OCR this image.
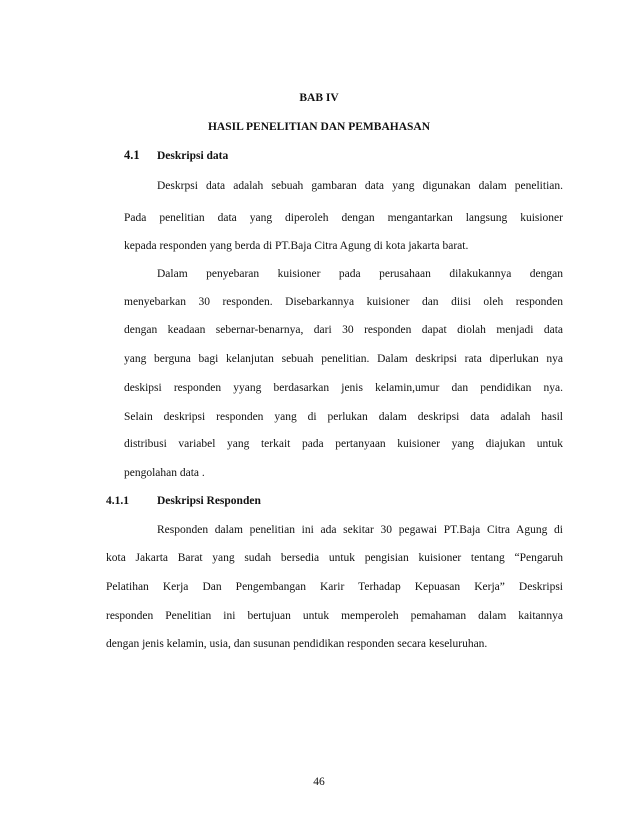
BAB IV
HASIL PENELITIAN DAN PEMBAHASAN
4.1 Deskripsi data
Deskrpsi data adalah sebuah gambaran data yang digunakan dalam penelitian.
Pada penelitian data yang diperoleh dengan mengantarkan langsung kuisioner
kepada responden yang berda di PT.Baja Citra Agung di kota jakarta barat.
Dalam penyebaran kuisioner pada perusahaan dilakukannya dengan
menyebarkan 30 responden. Disebarkannya kuisioner dan diisi oleh responden
dengan keadaan sebernar-benarnya, dari 30 responden dapat diolah menjadi data
yang berguna bagi kelanjutan sebuah penelitian. Dalam deskripsi rata diperlukan nya
deskipsi responden yyang berdasarkan jenis kelamin,umur dan pendidikan nya.
Selain deskripsi responden yang di perlukan dalam deskripsi data adalah hasil
distribusi variabel yang terkait pada pertanyaan kuisioner yang diajukan untuk
pengolahan data .
4.1.1 Deskripsi Responden
Responden dalam penelitian ini ada sekitar 30 pegawai PT.Baja Citra Agung di
kota Jakarta Barat yang sudah bersedia untuk pengisian kuisioner tentang “Pengaruh
Pelatihan Kerja Dan Pengembangan Karir Terhadap Kepuasan Kerja” Deskripsi
responden Penelitian ini bertujuan untuk memperoleh pemahaman dalam kaitannya
dengan jenis kelamin, usia, dan susunan pendidikan responden secara keseluruhan.
46
